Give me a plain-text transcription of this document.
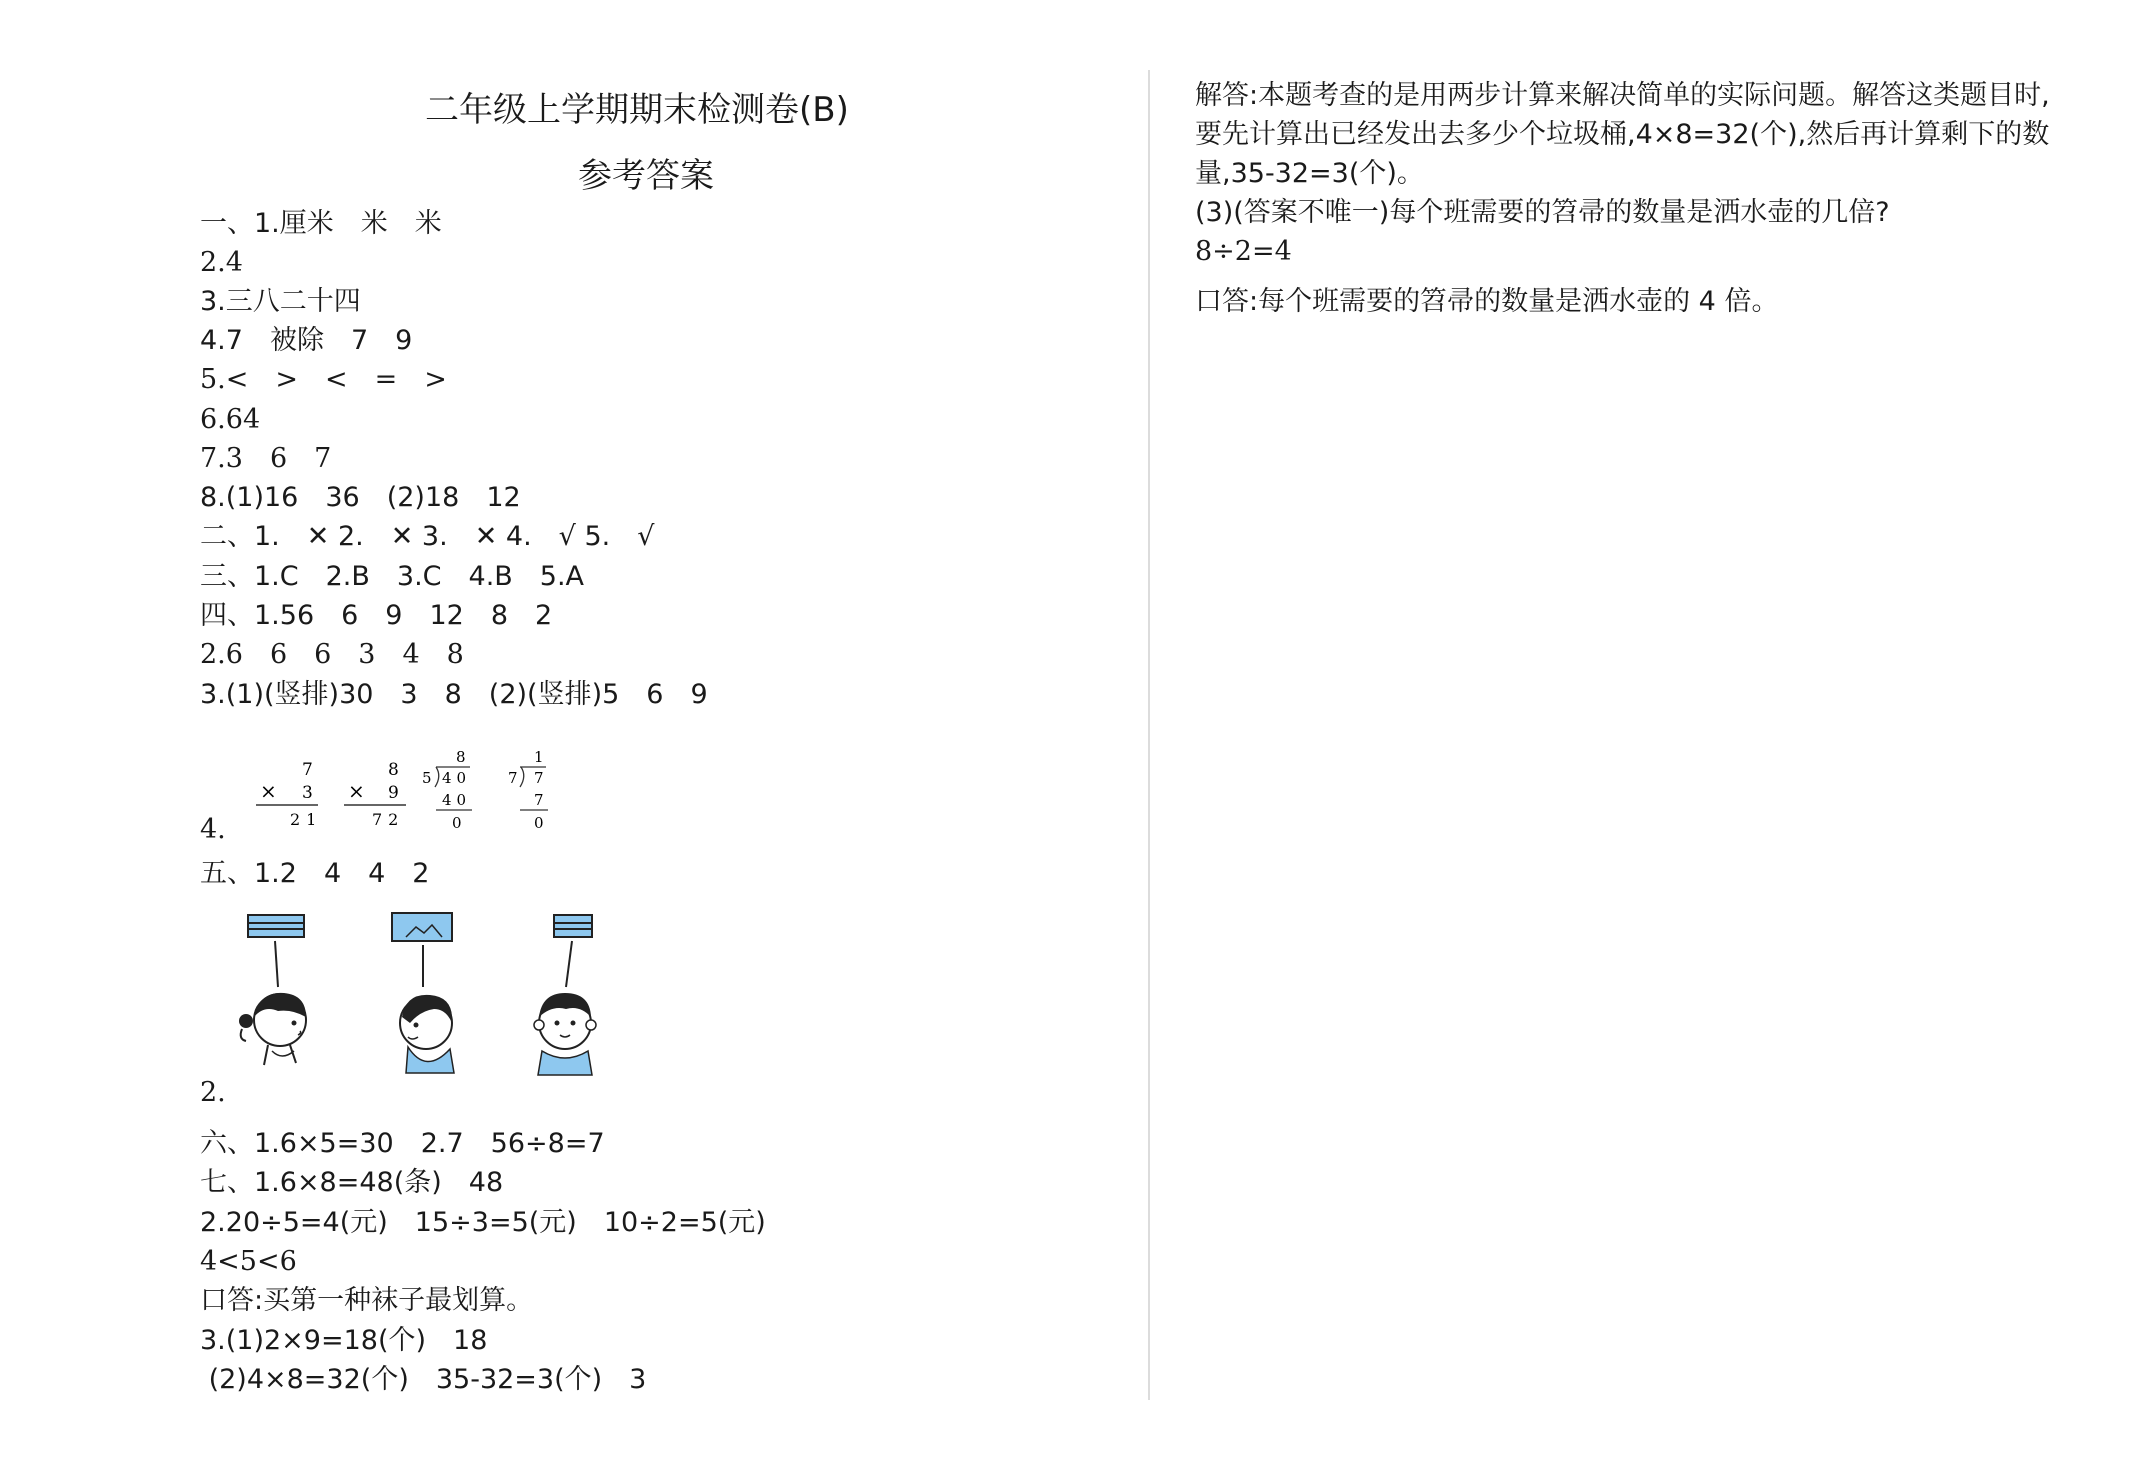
二年级上学期期末检测卷(B)
参考答案
一、1.厘米　米　米
2.4
3.三八二十四
4.7　被除　7　9
5.<　>　<　=　>
6.64
7.3　6　7
8.(1)16　36　(2)18　12
二、1.　✕ 2.　✕ 3.　✕ 4.　√ 5.　√
三、1.C　2.B　3.C　4.B　5.A
四、1.56　6　9　12　8　2
2.6　6　6　3　4　8
3.(1)(竖排)30　3　8　(2)(竖排)5　6　9
4.
7
× 3
21
8
× 9
72
8
5 40
40
0
1
7 7
7
0
五、1.2　4　4　2
2.
六、1.6×5=30　2.7　56÷8=7
七、1.6×8=48(条)　48
2.20÷5=4(元)　15÷3=5(元)　10÷2=5(元)
4<5<6
口答:买第一种袜子最划算。
3.(1)2×9=18(个)　18
(2)4×8=32(个)　35-32=3(个)　3
解答:本题考查的是用两步计算来解决简单的实际问题。解答这类题目时,
要先计算出已经发出去多少个垃圾桶,4×8=32(个),然后再计算剩下的数
量,35-32=3(个)。
(3)(答案不唯一)每个班需要的笤帚的数量是洒水壶的几倍?
8÷2=4
口答:每个班需要的笤帚的数量是洒水壶的 4 倍。
